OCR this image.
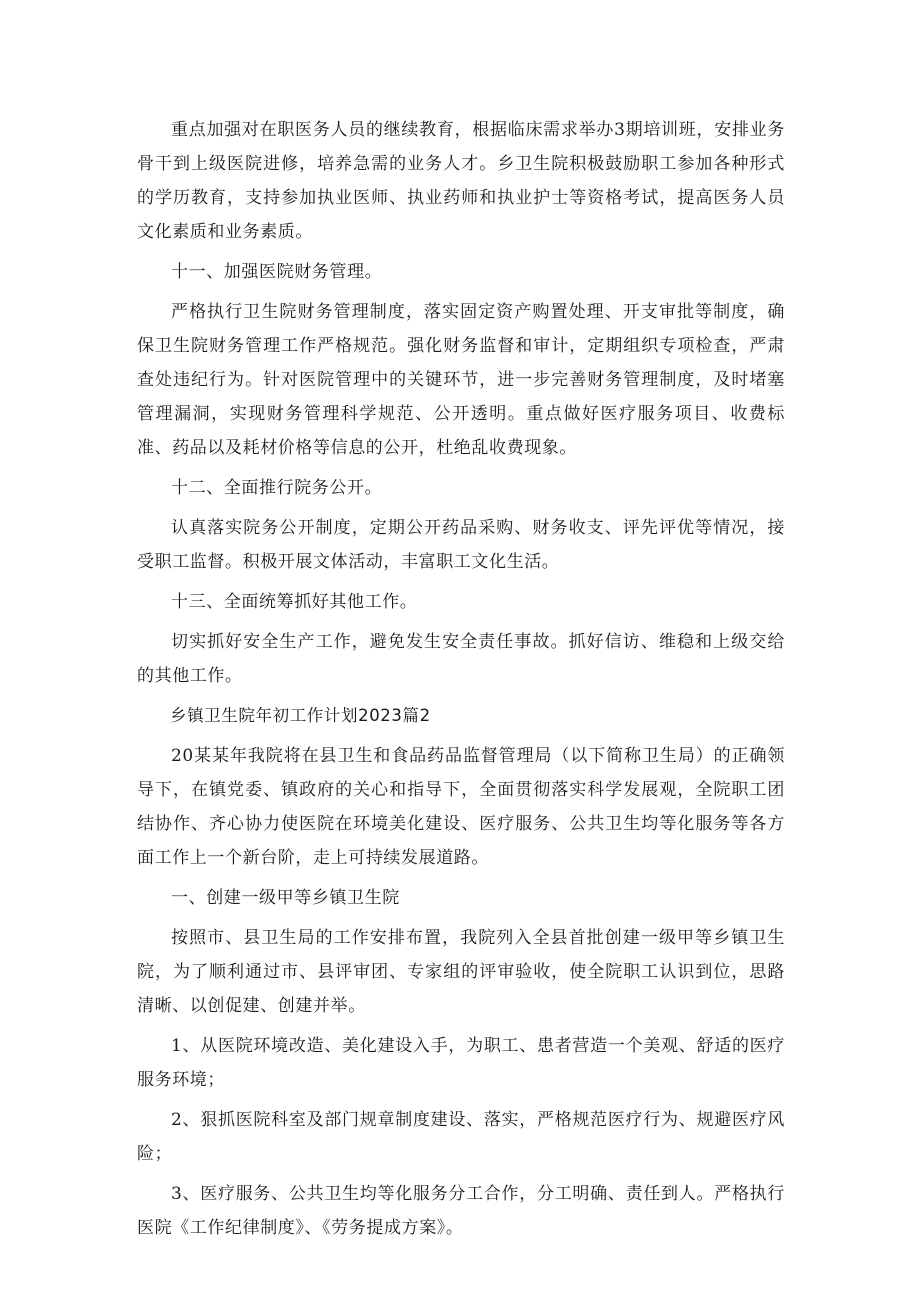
重点加强对在职医务人员的继续教育，根据临床需求举办3期培训班，安排业务骨干到上级医院进修，培养急需的业务人才。乡卫生院积极鼓励职工参加各种形式的学历教育，支持参加执业医师、执业药师和执业护士等资格考试，提高医务人员文化素质和业务素质。

十一、加强医院财务管理。

严格执行卫生院财务管理制度，落实固定资产购置处理、开支审批等制度，确保卫生院财务管理工作严格规范。强化财务监督和审计，定期组织专项检查，严肃查处违纪行为。针对医院管理中的关键环节，进一步完善财务管理制度，及时堵塞管理漏洞，实现财务管理科学规范、公开透明。重点做好医疗服务项目、收费标准、药品以及耗材价格等信息的公开，杜绝乱收费现象。

十二、全面推行院务公开。

认真落实院务公开制度，定期公开药品采购、财务收支、评先评优等情况，接受职工监督。积极开展文体活动，丰富职工文化生活。

十三、全面统筹抓好其他工作。

切实抓好安全生产工作，避免发生安全责任事故。抓好信访、维稳和上级交给的其他工作。

乡镇卫生院年初工作计划2023篇2

20某某年我院将在县卫生和食品药品监督管理局（以下简称卫生局）的正确领导下，在镇党委、镇政府的关心和指导下，全面贯彻落实科学发展观，全院职工团结协作、齐心协力使医院在环境美化建设、医疗服务、公共卫生均等化服务等各方面工作上一个新台阶，走上可持续发展道路。

一、创建一级甲等乡镇卫生院

按照市、县卫生局的工作安排布置，我院列入全县首批创建一级甲等乡镇卫生院，为了顺利通过市、县评审团、专家组的评审验收，使全院职工认识到位，思路清晰、以创促建、创建并举。

1、从医院环境改造、美化建设入手，为职工、患者营造一个美观、舒适的医疗服务环境；

2、狠抓医院科室及部门规章制度建设、落实，严格规范医疗行为、规避医疗风险；

3、医疗服务、公共卫生均等化服务分工合作，分工明确、责任到人。严格执行医院《工作纪律制度》、《劳务提成方案》。
